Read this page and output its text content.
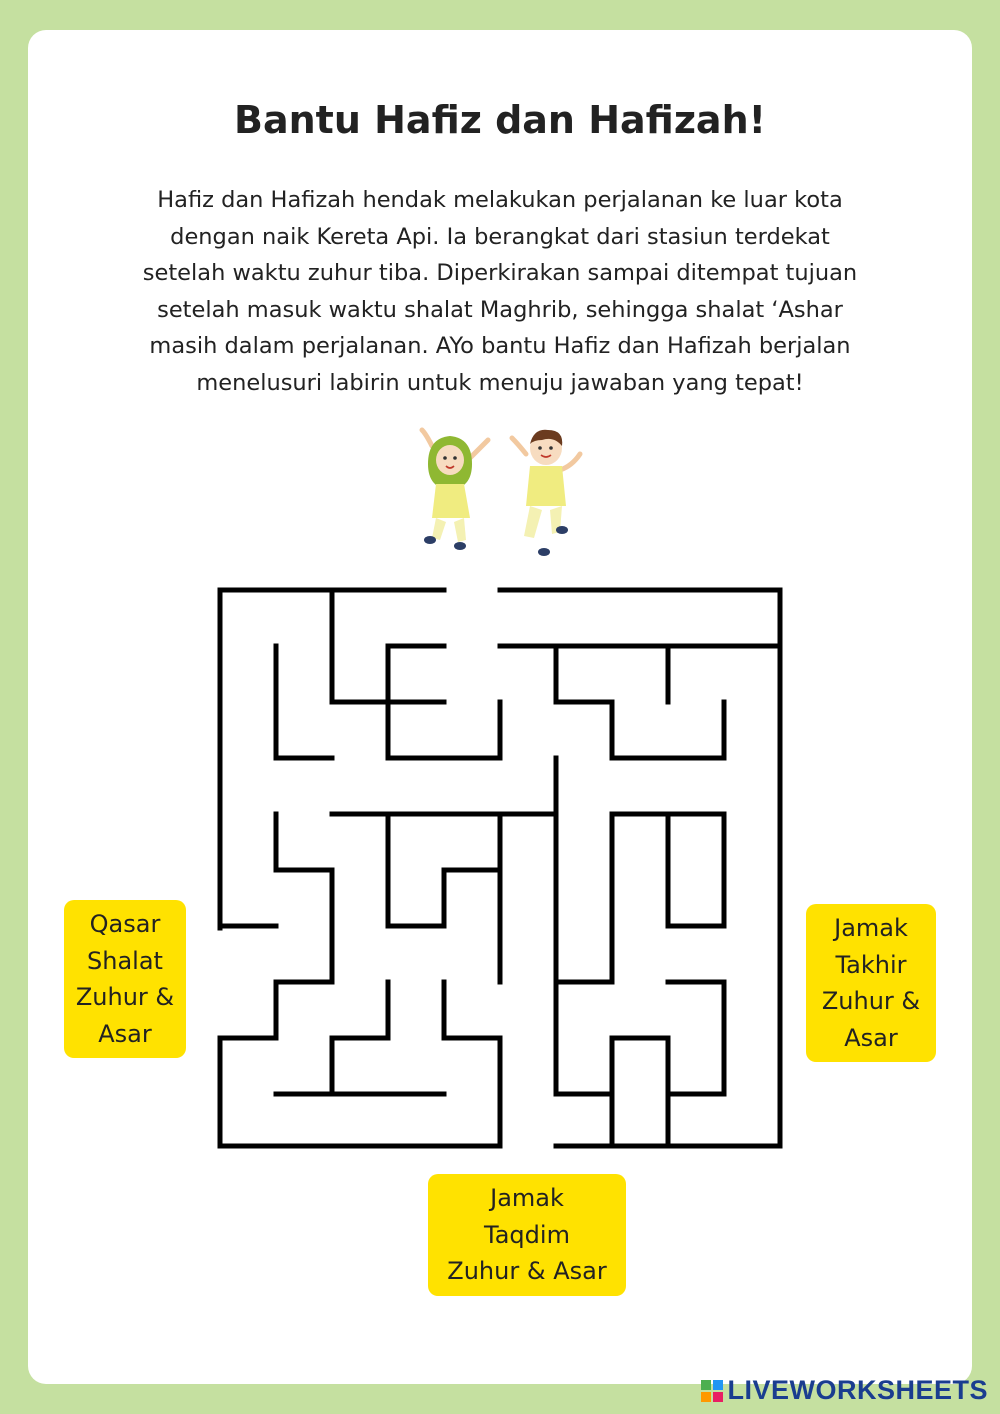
Bantu Hafiz dan Hafizah!
Hafiz dan Hafizah hendak melakukan perjalanan ke luar kota
dengan naik Kereta Api. Ia berangkat dari stasiun terdekat
setelah waktu zuhur tiba. Diperkirakan sampai ditempat tujuan
setelah masuk waktu shalat Maghrib, sehingga shalat ‘Ashar
masih dalam perjalanan. AYo bantu Hafiz dan Hafizah berjalan
menelusuri labirin untuk menuju jawaban yang tepat!
Qasar
Shalat
Zuhur &
Asar
Jamak
Takhir
Zuhur &
Asar
Jamak
Taqdim
Zuhur & Asar
LIVEWORKSHEETS
